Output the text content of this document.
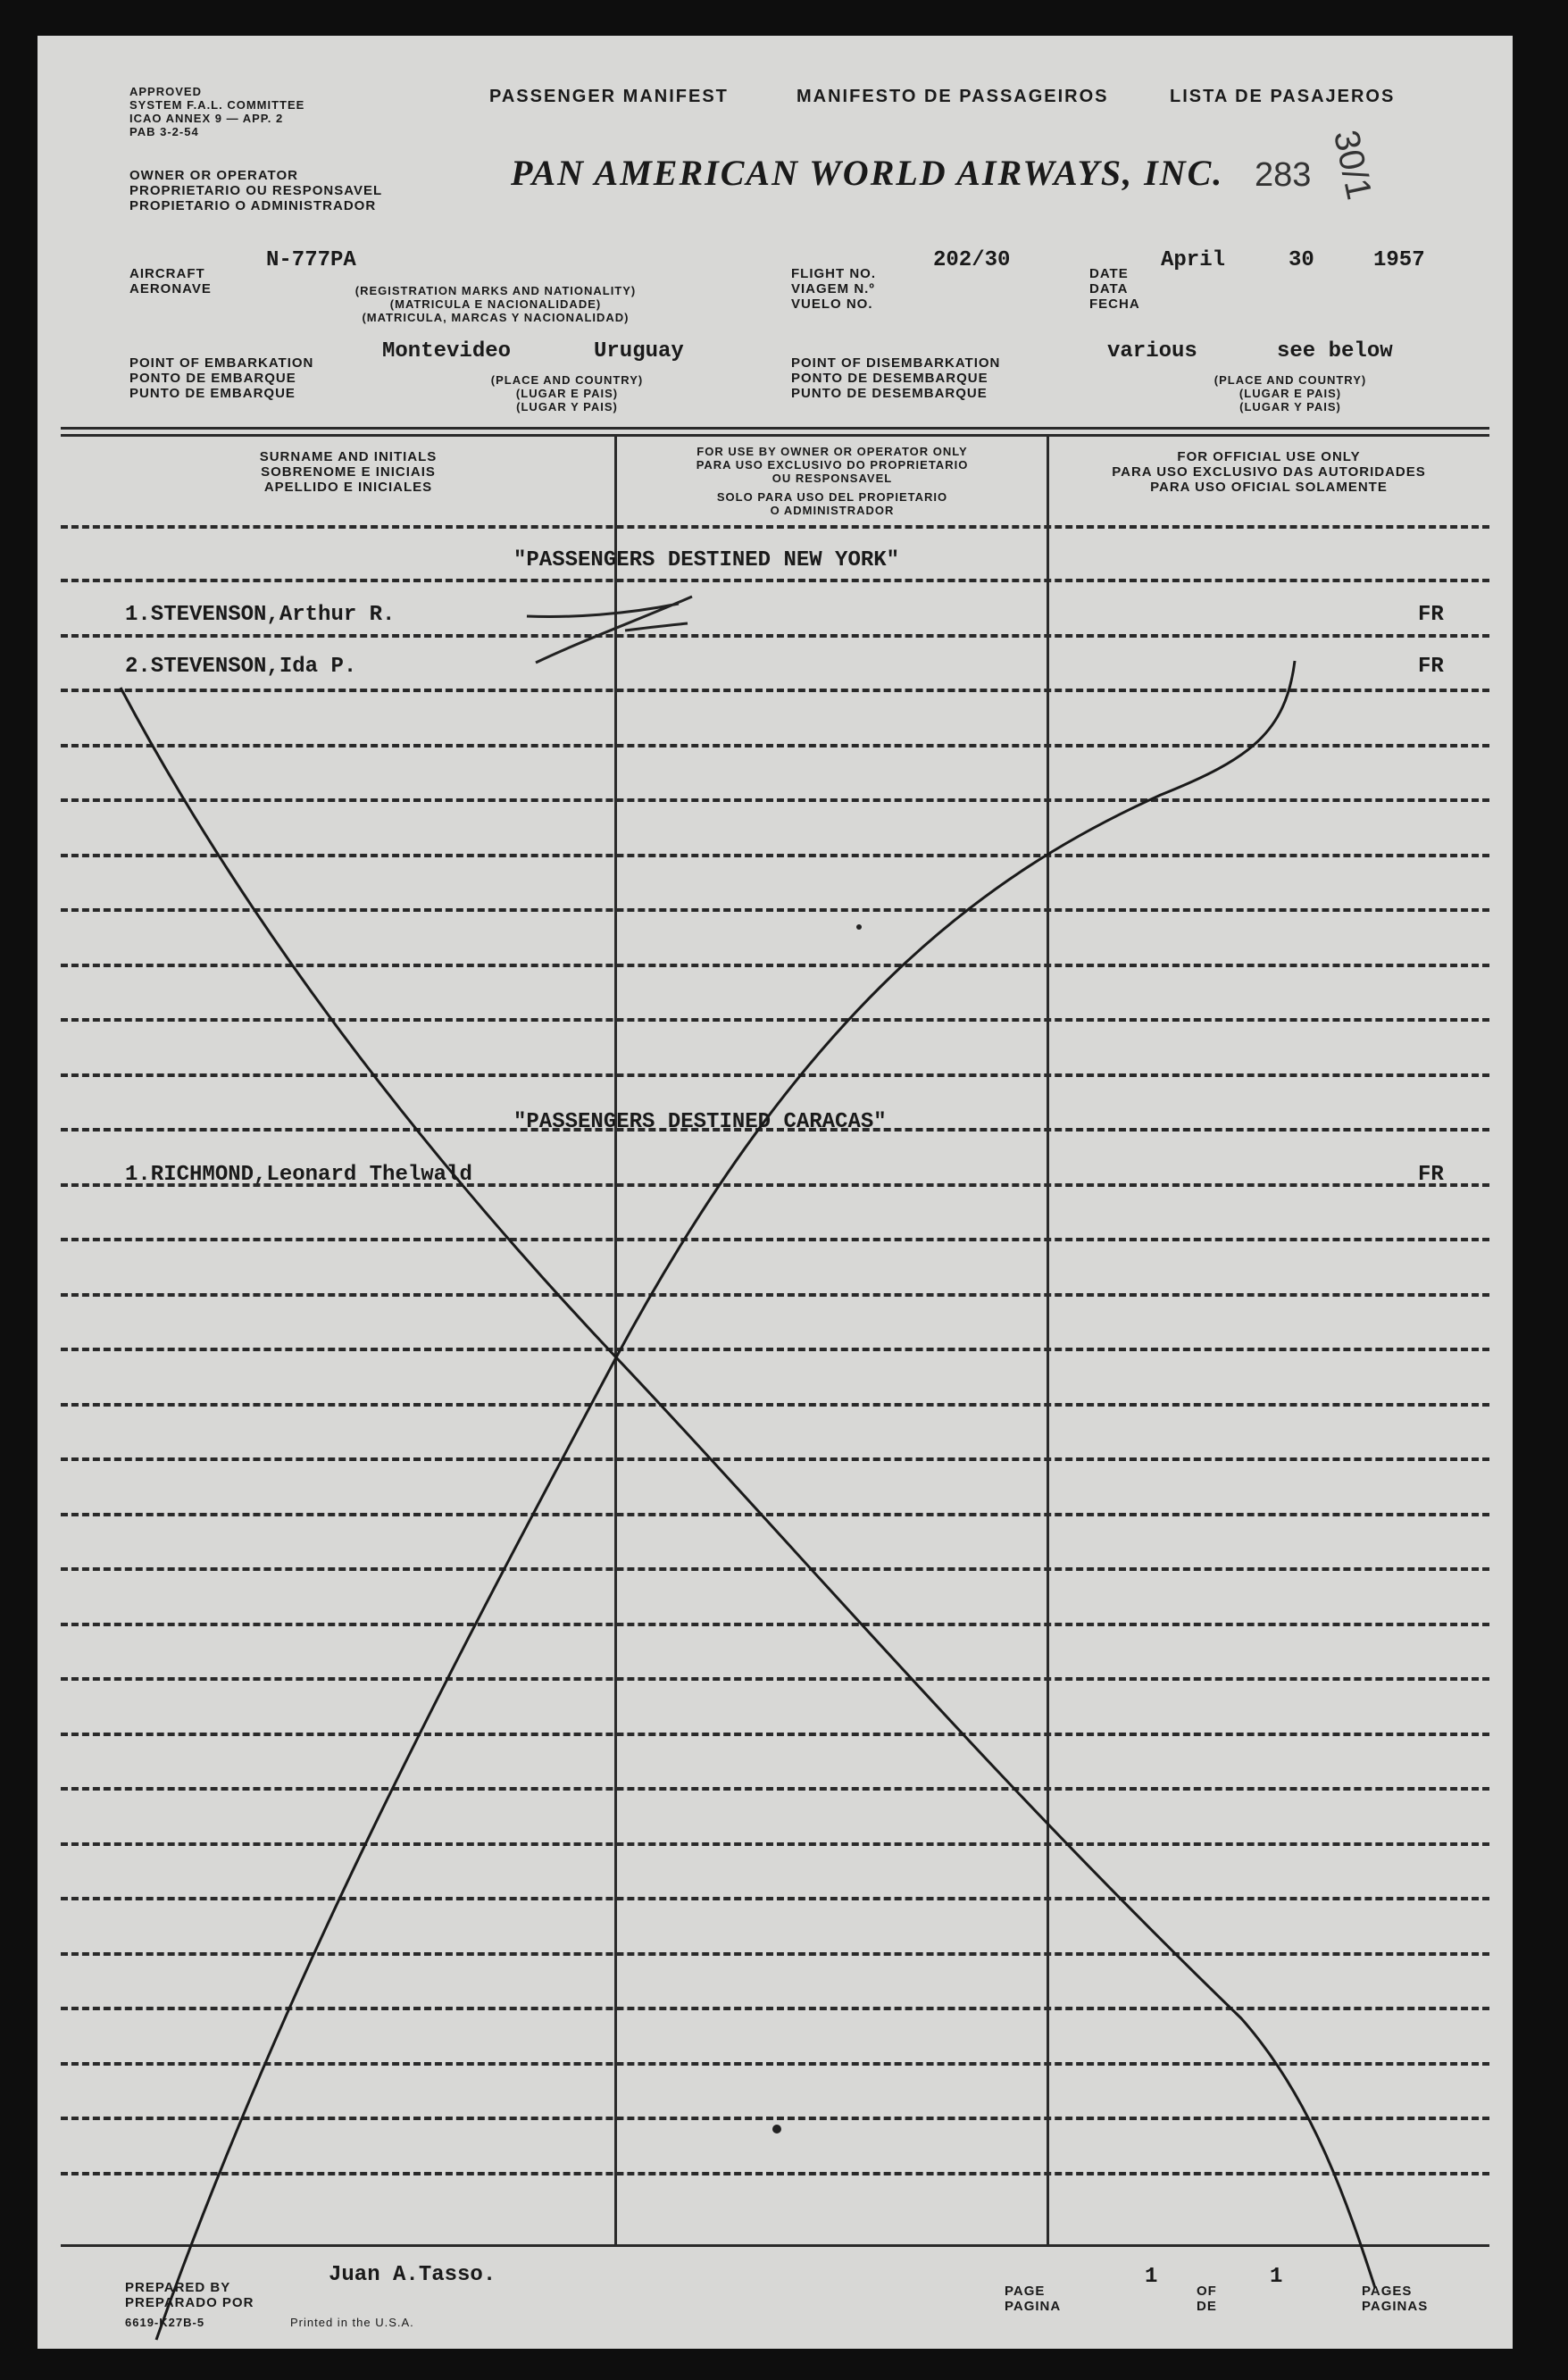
APPROVED
SYSTEM F.A.L. COMMITTEE
ICAO ANNEX 9 — APP. 2
PAB 3-2-54
PASSENGER MANIFEST	MANIFESTO DE PASSAGEIROS	LISTA DE PASAJEROS
OWNER OR OPERATOR
PROPRIETARIO OU RESPONSAVEL
PROPIETARIO O ADMINISTRADOR
PAN AMERICAN WORLD AIRWAYS, INC. 283 30/1
AIRCRAFT
AERONAVE
N-777PA
(REGISTRATION MARKS AND NATIONALITY)
(MATRICULA E NACIONALIDADE)
(MATRICULA, MARCAS Y NACIONALIDAD)
FLIGHT NO.
VIAGEM N.º
VUELO NO.
202/30
DATE
DATA
FECHA
April	30	1957
POINT OF EMBARKATION
PONTO DE EMBARQUE
PUNTO DE EMBARQUE
Montevideo	Uruguay
(PLACE AND COUNTRY)
(LUGAR E PAIS)
(LUGAR Y PAIS)
POINT OF DISEMBARKATION
PONTO DE DESEMBARQUE
PUNTO DE DESEMBARQUE
various	see below
(PLACE AND COUNTRY)
(LUGAR E PAIS)
(LUGAR Y PAIS)
SURNAME AND INITIALS
SOBRENOME E INICIAIS
APELLIDO E INICIALES
FOR USE BY OWNER OR OPERATOR ONLY
PARA USO EXCLUSIVO DO PROPRIETARIO
OU RESPONSAVEL
SOLO PARA USO DEL PROPIETARIO
O ADMINISTRADOR
FOR OFFICIAL USE ONLY
PARA USO EXCLUSIVO DAS AUTORIDADES
PARA USO OFICIAL SOLAMENTE
"PASSENGERS DESTINED NEW YORK"
1.STEVENSON,Arthur R.	FR
2.STEVENSON,Ida P.	FR
"PASSENGERS DESTINED CARACAS"
1.RICHMOND,Leonard Thelwald	FR
PREPARED BY
PREPARADO POR
Juan A.Tasso.
6619-K27B-5	Printed in the U.S.A.
PAGE
PAGINA
1
OF
DE
1
PAGES
PAGINAS
